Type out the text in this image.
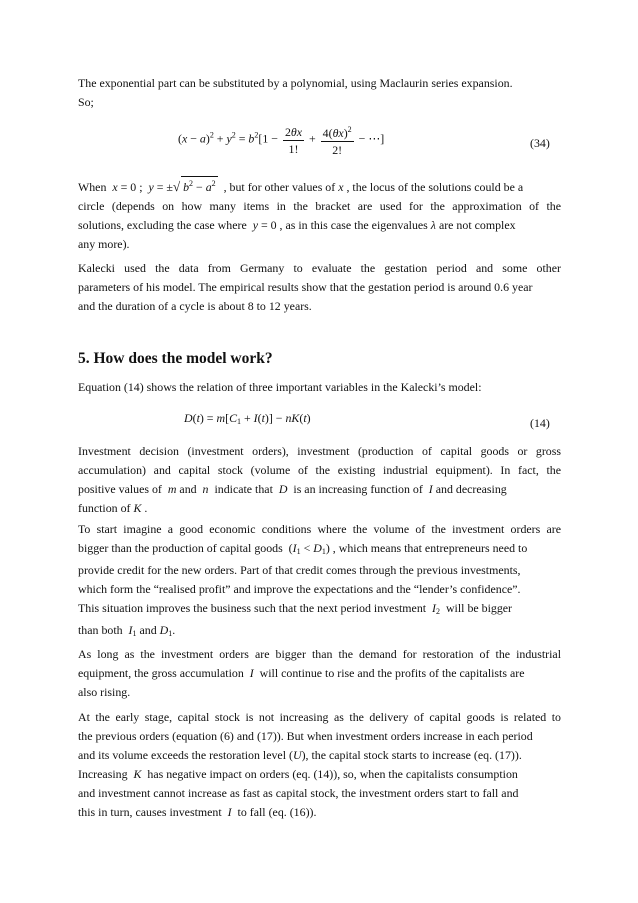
The exponential part can be substituted by a polynomial, using Maclaurin series expansion.
So;
$(x - a)^2 + y^2 = b^2[1 - \frac{2\theta x}{1!} + \frac{4(\theta x)^2}{2!}$ − ⋯]	(34)
When x = 0 ;  y = ±√ $b^2 - a^2$ , but for other values of x , the locus of the solutions could be a
circle (depends on how many items in the bracket are used for the approximation of the
solutions, excluding the case where y = 0 , as in this case the eigenvalues λ are not complex
any more).
Kalecki used the data from Germany to evaluate the gestation period and some other
parameters of his model. The empirical results show that the gestation period is around 0.6 year
and the duration of a cycle is about 8 to 12 years.
5. How does the model work?
Equation (14) shows the relation of three important variables in the Kalecki’s model:
$D(t) = m[C_1 + I(t)] - nK(t)$	(14)
Investment decision (investment orders), investment (production of capital goods or gross
accumulation) and capital stock (volume of the existing industrial equipment). In fact, the
positive values of m and n indicate that D is an increasing function of I and decreasing
function of K .
To start imagine a good economic conditions where the volume of the investment orders are
bigger than the production of capital goods  $(I_1 < D_1)$ , which means that entrepreneurs need to
provide credit for the new orders. Part of that credit comes through the previous investments,
which form the “realised profit” and improve the expectations and the “lender’s confidence”.
This situation improves the business such that the next period investment $I_2$ will be bigger
than both $I_1$ and $D_1$.
As long as the investment orders are bigger than the demand for restoration of the industrial
equipment, the gross accumulation I will continue to rise and the profits of the capitalists are
also rising.
At the early stage, capital stock is not increasing as the delivery of capital goods is related to
the previous orders (equation (6) and (17)). But when investment orders increase in each period
and its volume exceeds the restoration level (U), the capital stock starts to increase (eq. (17)).
Increasing K has negative impact on orders (eq. (14)), so, when the capitalists consumption
and investment cannot increase as fast as capital stock, the investment orders start to fall and
this in turn, causes investment I to fall (eq. (16)).
